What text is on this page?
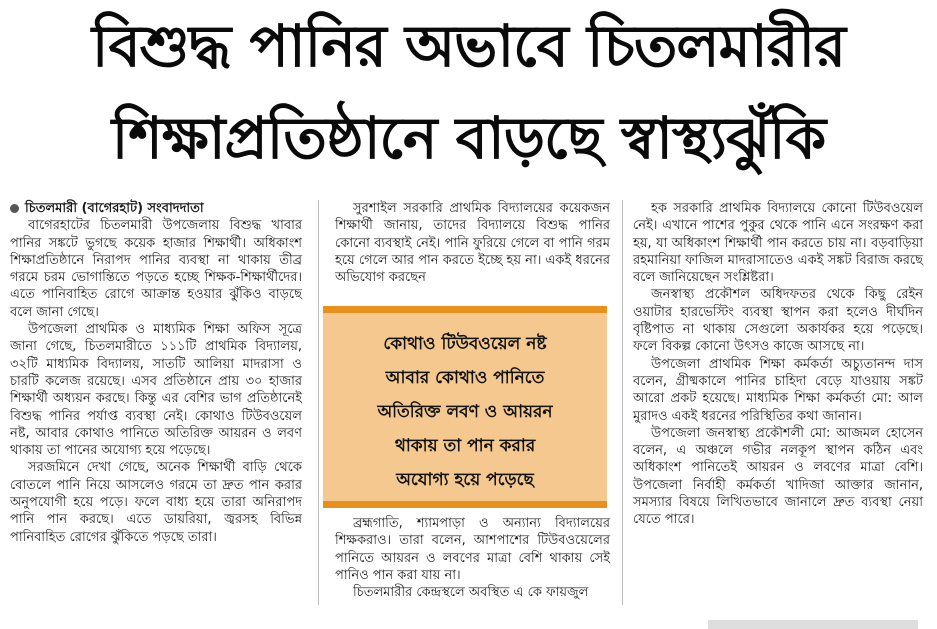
বিশুদ্ধ পানির অভাবে চিতলমারীর
শিক্ষাপ্রতিষ্ঠানে বাড়ছে স্বাস্থ্যঝুঁকি

চিতলমারী (বাগেরহাট) সংবাদদাতা

বাগেরহাটের চিতলমারী উপজেলায় বিশুদ্ধ খাবার পানির সঙ্কটে ভুগছে কয়েক হাজার শিক্ষার্থী। অধিকাংশ শিক্ষাপ্রতিষ্ঠানে নিরাপদ পানির ব্যবস্থা না থাকায় তীব্র গরমে চরম ভোগান্তিতে পড়তে হচ্ছে শিক্ষক-শিক্ষার্থীদের। এতে পানিবাহিত রোগে আক্রান্ত হওয়ার ঝুঁকিও বাড়ছে বলে জানা গেছে।

উপজেলা প্রাথমিক ও মাধ্যমিক শিক্ষা অফিস সূত্রে জানা গেছে, চিতলমারীতে ১১১টি প্রাথমিক বিদ্যালয়, ৩২টি মাধ্যমিক বিদ্যালয়, সাতটি আলিয়া মাদরাসা ও চারটি কলেজ রয়েছে। এসব প্রতিষ্ঠানে প্রায় ৩০ হাজার শিক্ষার্থী অধ্যয়ন করছে। কিন্তু এর বেশির ভাগ প্রতিষ্ঠানেই বিশুদ্ধ পানির পর্যাপ্ত ব্যবস্থা নেই। কোথাও টিউবওয়েল নষ্ট, আবার কোথাও পানিতে অতিরিক্ত আয়রন ও লবণ থাকায় তা পানের অযোগ্য হয়ে পড়েছে।

সরজমিনে দেখা গেছে, অনেক শিক্ষার্থী বাড়ি থেকে বোতলে পানি নিয়ে আসলেও গরমে তা দ্রুত পান করার অনুপযোগী হয়ে পড়ে। ফলে বাধ্য হয়ে তারা অনিরাপদ পানি পান করছে। এতে ডায়রিয়া, জ্বরসহ বিভিন্ন পানিবাহিত রোগের ঝুঁকিতে পড়ছে তারা।

সুরশাইল সরকারি প্রাথমিক বিদ্যালয়ের কয়েকজন শিক্ষার্থী জানায়, তাদের বিদ্যালয়ে বিশুদ্ধ পানির কোনো ব্যবস্থাই নেই। পানি ফুরিয়ে গেলে বা পানি গরম হয়ে গেলে আর পান করতে ইচ্ছে হয় না। একই ধরনের অভিযোগ করছেন

কোথাও টিউবওয়েল নষ্ট
আবার কোথাও পানিতে
অতিরিক্ত লবণ ও আয়রন
থাকায় তা পান করার
অযোগ্য হয়ে পড়েছে

ব্রহ্মগাতি, শ্যামপাড়া ও অন্যান্য বিদ্যালয়ের শিক্ষকরাও। তারা বলেন, আশপাশের টিউবওয়েলের পানিতে আয়রন ও লবণের মাত্রা বেশি থাকায় সেই পানিও পান করা যায় না।

চিতলমারীর কেন্দ্রস্থলে অবস্থিত এ কে ফায়জুল

হক সরকারি প্রাথমিক বিদ্যালয়ে কোনো টিউবওয়েল নেই। এখানে পাশের পুকুর থেকে পানি এনে সংরক্ষণ করা হয়, যা অধিকাংশ শিক্ষার্থী পান করতে চায় না। বড়বাড়িয়া রহমানিয়া ফাজিল মাদরাসাতেও একই সঙ্কট বিরাজ করছে বলে জানিয়েছেন সংশ্লিষ্টরা।

জনস্বাস্থ্য প্রকৌশল অধিদফতর থেকে কিছু রেইন ওয়াটার হারভেস্টিং ব্যবস্থা স্থাপন করা হলেও দীর্ঘদিন বৃষ্টিপাত না থাকায় সেগুলো অকার্যকর হয়ে পড়েছে। ফলে বিকল্প কোনো উৎসও কাজে আসছে না।

উপজেলা প্রাথমিক শিক্ষা কর্মকর্তা অচ্যুতানন্দ দাস বলেন, গ্রীষ্মকালে পানির চাহিদা বেড়ে যাওয়ায় সঙ্কট আরো প্রকট হয়েছে। মাধ্যমিক শিক্ষা কর্মকর্তা মো: আল মুরাদও একই ধরনের পরিস্থিতির কথা জানান।

উপজেলা জনস্বাস্থ্য প্রকৌশলী মো: আজমল হোসেন বলেন, এ অঞ্চলে গভীর নলকূপ স্থাপন কঠিন এবং অধিকাংশ পানিতেই আয়রন ও লবণের মাত্রা বেশি। উপজেলা নির্বাহী কর্মকর্তা খাদিজা আক্তার জানান, সমস্যার বিষয়ে লিখিতভাবে জানালে দ্রুত ব্যবস্থা নেয়া যেতে পারে।
